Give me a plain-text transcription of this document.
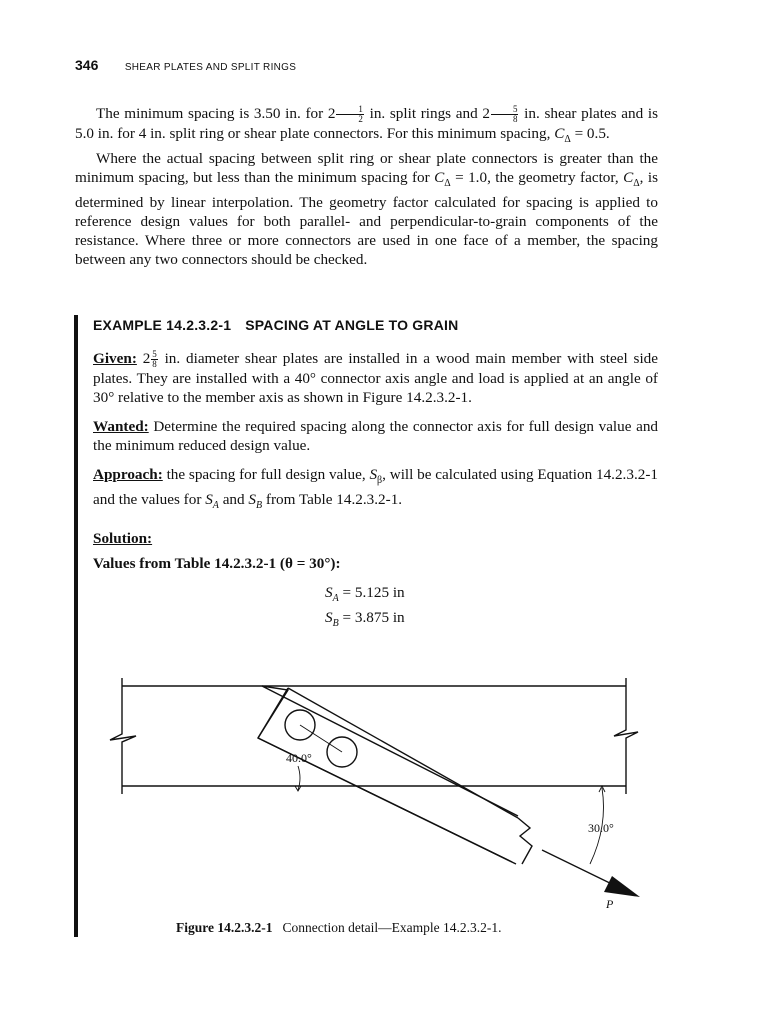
346	SHEAR PLATES AND SPLIT RINGS

The minimum spacing is 3.50 in. for $2 \frac{1}{2}$ in. split rings and $2 \frac{5}{8}$ in. shear plates and is 5.0 in. for 4 in. split ring or shear plate connectors. For this minimum spacing, $C_\Delta = 0.5$.

Where the actual spacing between split ring or shear plate connectors is greater than the minimum spacing, but less than the minimum spacing for $C_\Delta = 1.0$, the geometry factor, $C_\Delta$, is determined by linear interpolation. The geometry factor calculated for spacing is applied to reference design values for both parallel- and perpendicular-to-grain components of the resistance. Where three or more connectors are used in one face of a member, the spacing between any two connectors should be checked.

EXAMPLE 14.2.3.2-1 SPACING AT ANGLE TO GRAIN
Given: $2 \frac{5}{8}$ in. diameter shear plates are installed in a wood main member with steel side plates. They are installed with a 40° connector axis angle and load is applied at an angle of 30° relative to the member axis as shown in Figure 14.2.3.2-1.
Wanted: Determine the required spacing along the connector axis for full design value and the minimum reduced design value.
Approach: the spacing for full design value, $S_\beta$, will be calculated using Equation 14.2.3.2-1 and the values for $S_A$ and $S_B$ from Table 14.2.3.2-1.
Solution:
Values from Table 14.2.3.2-1 (θ = 30°):
$S_A = 5.125$ in
$S_B = 3.875$ in
40.0°
30.0°
P
Figure 14.2.3.2-1 Connection detail—Example 14.2.3.2-1.
